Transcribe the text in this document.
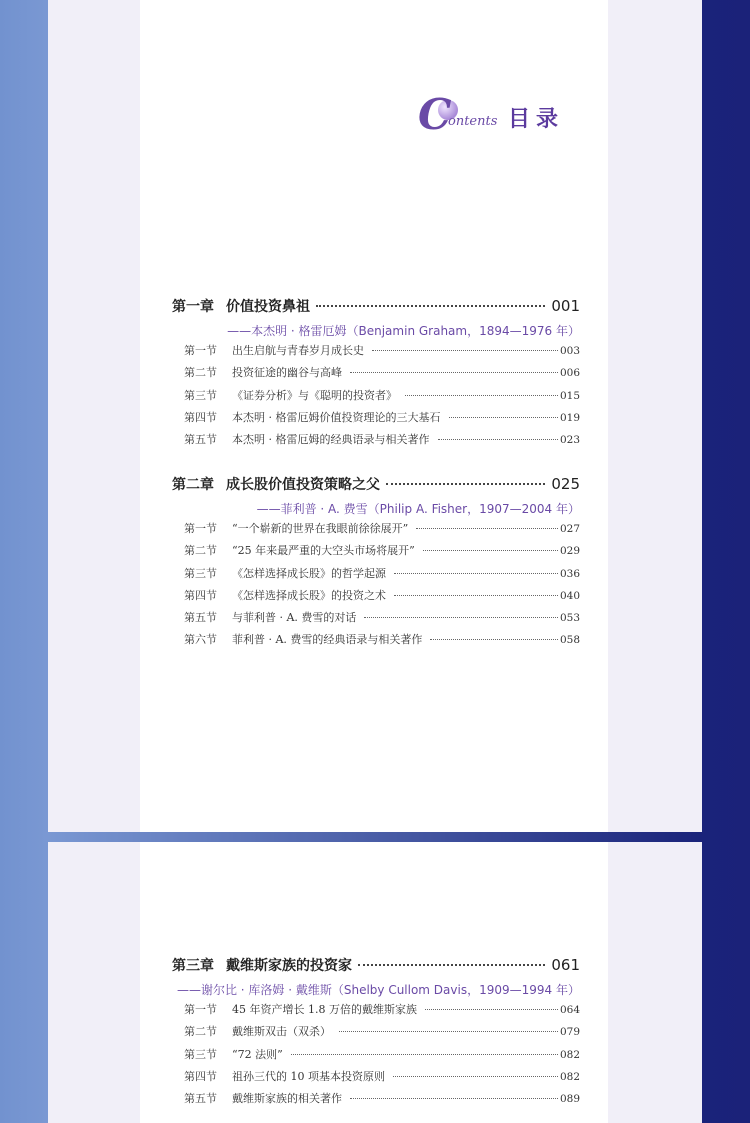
C
ontents 目录
第一章 价值投资鼻祖	001
——本杰明 · 格雷厄姆（Benjamin Graham，1894—1976 年）
第一节	出生启航与青春岁月成长史	003
第二节	投资征途的幽谷与高峰	006
第三节	《证券分析》与《聪明的投资者》	015
第四节	本杰明 · 格雷厄姆价值投资理论的三大基石	019
第五节	本杰明 · 格雷厄姆的经典语录与相关著作	023
第二章 成长股价值投资策略之父	025
——菲利普 · A. 费雪（Philip A. Fisher，1907—2004 年）
第一节	“一个崭新的世界在我眼前徐徐展开”	027
第二节	“25 年来最严重的大空头市场将展开”	029
第三节	《怎样选择成长股》的哲学起源	036
第四节	《怎样选择成长股》的投资之术	040
第五节	与菲利普 · A. 费雪的对话	053
第六节	菲利普 · A. 费雪的经典语录与相关著作	058
第三章 戴维斯家族的投资家	061
——谢尔比 · 库洛姆 · 戴维斯（Shelby Cullom Davis，1909—1994 年）
第一节	45 年资产增长 1.8 万倍的戴维斯家族	064
第二节	戴维斯双击（双杀）	079
第三节	“72 法则”	082
第四节	祖孙三代的 10 项基本投资原则	082
第五节	戴维斯家族的相关著作	089
